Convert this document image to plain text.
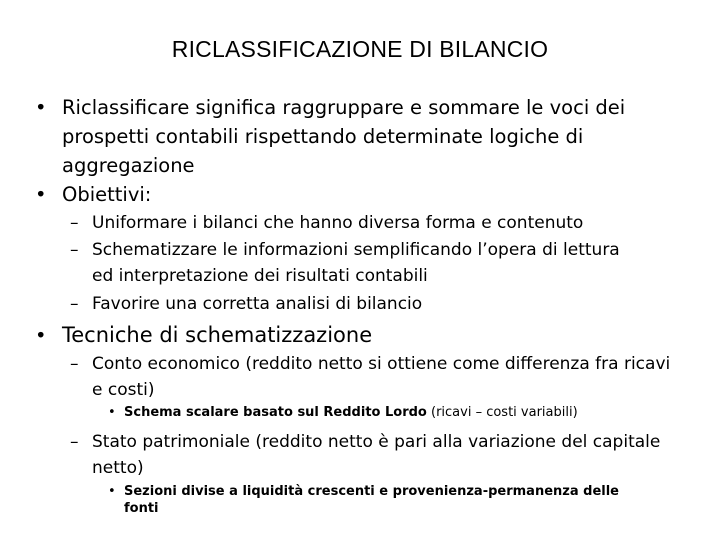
RICLASSIFICAZIONE DI BILANCIO
• Riclassificare significa raggruppare e sommare le voci dei prospetti contabili rispettando determinate logiche di aggregazione
• Obiettivi:
– Uniformare i bilanci che hanno diversa forma e contenuto
– Schematizzare le informazioni semplificando l’opera di lettura ed interpretazione dei risultati contabili
– Favorire una corretta analisi di bilancio
• Tecniche di schematizzazione
– Conto economico (reddito netto si ottiene come differenza fra ricavi e costi)
• Schema scalare basato sul Reddito Lordo (ricavi – costi variabili)
– Stato patrimoniale (reddito netto è pari alla variazione del capitale netto)
• Sezioni divise a liquidità crescenti e provenienza-permanenza delle fonti
